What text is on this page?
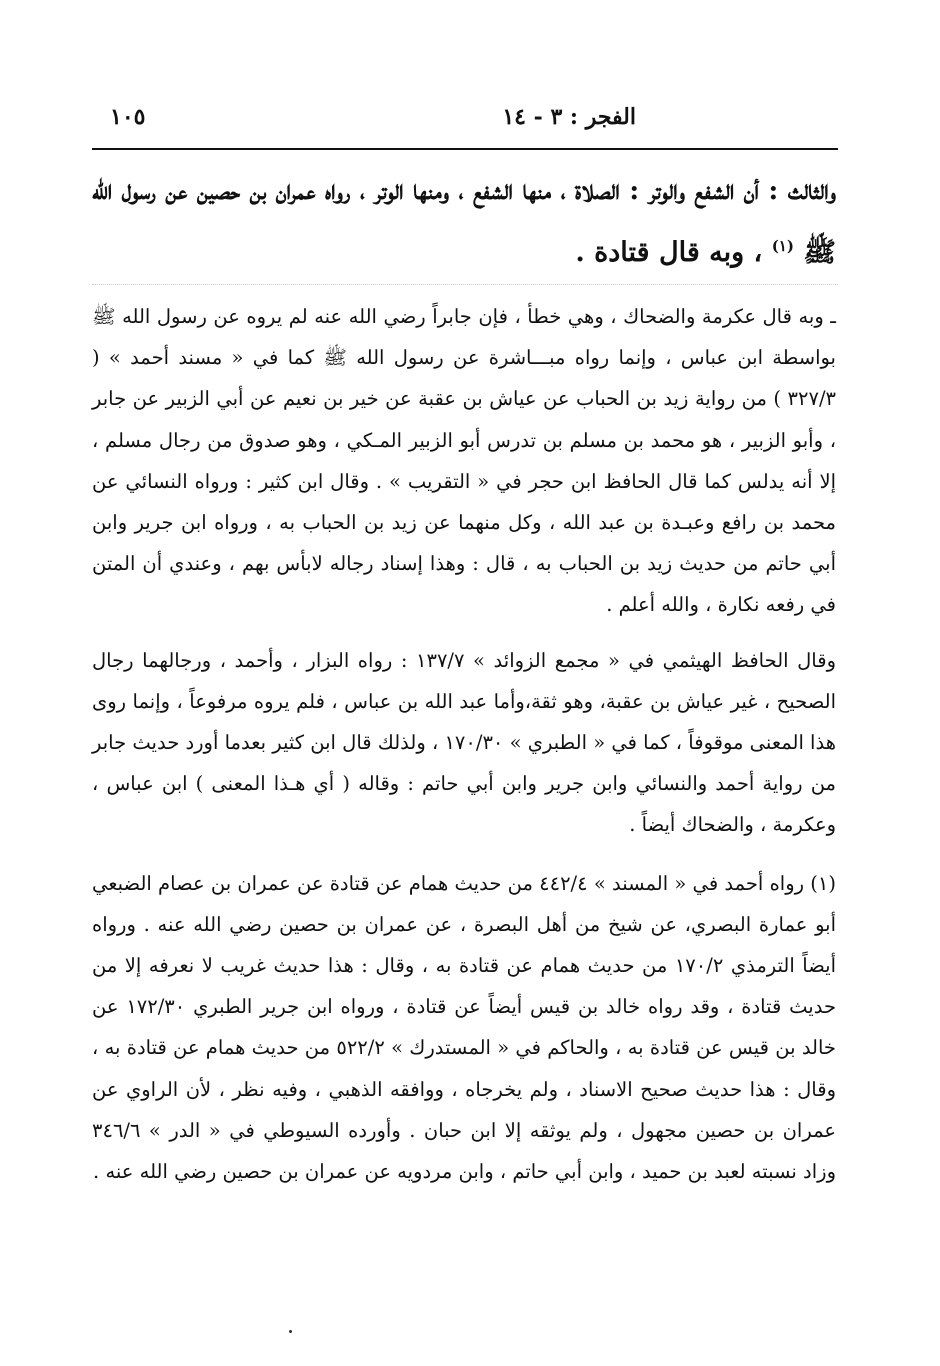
الفجر : ٣ - ١٤
١٠٥

والثالث : أن الشفع والوتر : الصلاة ، منها الشفع ، ومنها الوتر ، رواه عمران بن حصين عن رسول الله ﷺ $^{(١)}$ ، وبه قال قتادة .

ـ وبه قال عكرمة والضحاك ، وهي خطأ ، فإن جابراً رضي الله عنه لم يروه عن رسول الله ﷺ بواسطة ابن عباس ، وإنما رواه مبـــاشرة عن رسول الله ﷺ كما في « مسند أحمد » ( ٣٢٧/٣ ) من رواية زيد بن الحباب عن عياش بن عقبة عن خير بن نعيم عن أبي الزبير عن جابر ، وأبو الزبير ، هو محمد بن مسلم بن تدرس أبو الزبير المـكي ، وهو صدوق من رجال مسلم ، إلا أنه يدلس كما قال الحافظ ابن حجر في « التقريب » . وقال ابن كثير : ورواه النسائي عن محمد بن رافع وعبـدة بن عبد الله ، وكل منهما عن زيد بن الحباب به ، ورواه ابن جرير وابن أبي حاتم من حديث زيد بن الحباب به ، قال : وهذا إسناد رجاله لابأس بهم ، وعندي أن المتن في رفعه نكارة ، والله أعلم .

وقال الحافظ الهيثمي في « مجمع الزوائد » ١٣٧/٧ : رواه البزار ، وأحمد ، ورجالهما رجال الصحيح ، غير عياش بن عقبة، وهو ثقة،وأما عبد الله بن عباس ، فلم يروه مرفوعاً ، وإنما روى هذا المعنى موقوفاً ، كما في « الطبري » ١٧٠/٣٠ ، ولذلك قال ابن كثير بعدما أورد حديث جابر من رواية أحمد والنسائي وابن جرير وابن أبي حاتم : وقاله ( أي هـذا المعنى ) ابن عباس ، وعكرمة ، والضحاك أيضاً .

(١) رواه أحمد في « المسند » ٤٤٢/٤ من حديث همام عن قتادة عن عمران بن عصام الضبعي أبو عمارة البصري، عن شيخ من أهل البصرة ، عن عمران بن حصين رضي الله عنه . ورواه أيضاً الترمذي ١٧٠/٢ من حديث همام عن قتادة به ، وقال : هذا حديث غريب لا نعرفه إلا من حديث قتادة ، وقد رواه خالد بن قيس أيضاً عن قتادة ، ورواه ابن جرير الطبري ١٧٢/٣٠ عن خالد بن قيس عن قتادة به ، والحاكم في « المستدرك » ٥٢٢/٢ من حديث همام عن قتادة به ، وقال : هذا حديث صحيح الاسناد ، ولم يخرجاه ، ووافقه الذهبي ، وفيه نظر ، لأن الراوي عن عمران بن حصين مجهول ، ولم يوثقه إلا ابن حبان . وأورده السيوطي في « الدر » ٣٤٦/٦ وزاد نسبته لعبد بن حميد ، وابن أبي حاتم ، وابن مردويه عن عمران بن حصين رضي الله عنه .
